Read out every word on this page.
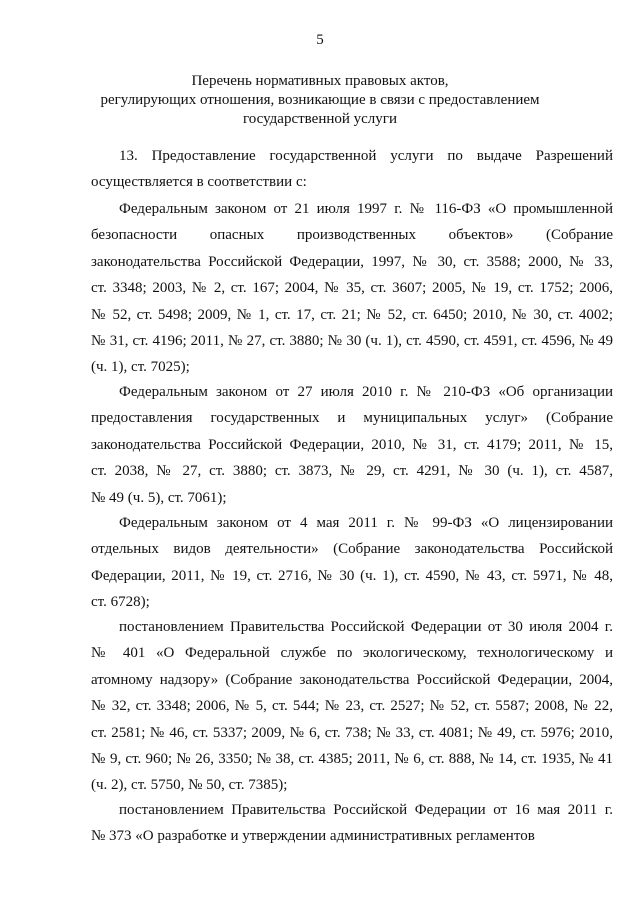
5
Перечень нормативных правовых актов,
регулирующих отношения, возникающие в связи с предоставлением
государственной услуги
13. Предоставление государственной услуги по выдаче Разрешений
осуществляется в соответствии с:
Федеральным законом от 21 июля 1997 г. № 116-ФЗ «О промышленной
безопасности опасных производственных объектов» (Собрание
законодательства Российской Федерации, 1997, № 30, ст. 3588; 2000, № 33,
ст. 3348; 2003, № 2, ст. 167; 2004, № 35, ст. 3607; 2005, № 19, ст. 1752; 2006,
№ 52, ст. 5498; 2009, № 1, ст. 17, ст. 21; № 52, ст. 6450; 2010, № 30, ст. 4002;
№ 31, ст. 4196; 2011, № 27, ст. 3880; № 30 (ч. 1), ст. 4590, ст. 4591, ст. 4596, № 49
(ч. 1), ст. 7025);
Федеральным законом от 27 июля 2010 г. № 210-ФЗ «Об организации
предоставления государственных и муниципальных услуг» (Собрание
законодательства Российской Федерации, 2010, № 31, ст. 4179; 2011, № 15,
ст. 2038, № 27, ст. 3880; ст. 3873, № 29, ст. 4291, № 30 (ч. 1), ст. 4587,
№ 49 (ч. 5), ст. 7061);
Федеральным законом от 4 мая 2011 г. № 99-ФЗ «О лицензировании
отдельных видов деятельности» (Собрание законодательства Российской
Федерации, 2011, № 19, ст. 2716, № 30 (ч. 1), ст. 4590, № 43, ст. 5971, № 48,
ст. 6728);
постановлением Правительства Российской Федерации от 30 июля 2004 г.
№ 401 «О Федеральной службе по экологическому, технологическому и
атомному надзору» (Собрание законодательства Российской Федерации, 2004,
№ 32, ст. 3348; 2006, № 5, ст. 544; № 23, ст. 2527; № 52, ст. 5587; 2008, № 22,
ст. 2581; № 46, ст. 5337; 2009, № 6, ст. 738; № 33, ст. 4081; № 49, ст. 5976; 2010,
№ 9, ст. 960; № 26, 3350; № 38, ст. 4385; 2011, № 6, ст. 888, № 14, ст. 1935, № 41
(ч. 2), ст. 5750, № 50, ст. 7385);
постановлением Правительства Российской Федерации от 16 мая 2011 г.
№ 373 «О разработке и утверждении административных регламентов
